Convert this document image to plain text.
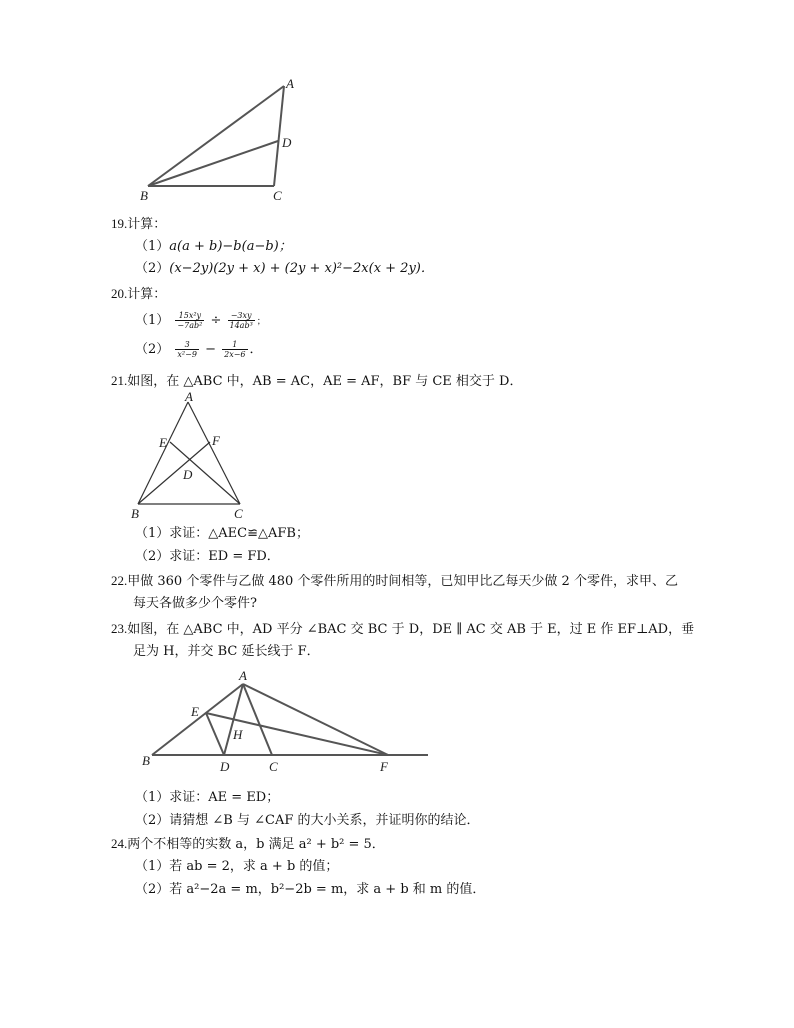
A
B	C
D
19.计算：
（1）a(a + b)−b(a−b)；
（2）(x−2y)(2y + x) + (2y + x)²−2x(x + 2y)．
20.计算：
$(1) \frac{\text{15x²y}}{\text{−7ab²}} \div \frac{-3xy}{\text{14ab³}}$ ；
$(2) \frac{3}{\text{x²−9}} - \frac{1}{2x-6}$ ．
21.如图，在 △ABC 中，AB = AC，AE = AF，BF 与 CE 相交于 D．
A
B	C
D
E	F
（1）求证：△AEC≌△AFB；
（2）求证：ED = FD．
22.甲做 360 个零件与乙做 480 个零件所用的时间相等，已知甲比乙每天少做 2 个零件，求甲、乙
每天各做多少个零件?
23.如图，在 △ABC 中，AD 平分 ∠BAC 交 BC 于 D，DE ∥ AC 交 AB 于 E，过 E 作 EF⊥AD，垂
足为 H，并交 BC 延长线于 F．
A
B	C
D
E
F
H
（1）求证：AE = ED；
（2）请猜想 ∠B 与 ∠CAF 的大小关系，并证明你的结论．
24.两个不相等的实数 a，b 满足 a² + b² = 5．
（1）若 ab = 2，求 a + b 的值；
（2）若 a²−2a = m，b²−2b = m，求 a + b 和 m 的值．
